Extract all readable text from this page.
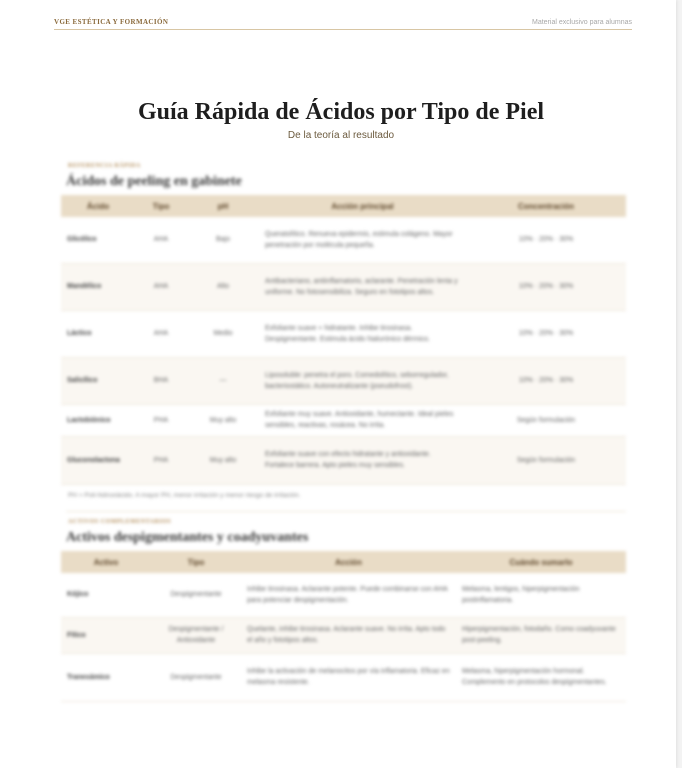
VGE ESTÉTICA Y FORMACIÓN	Material exclusivo para alumnas
Guía Rápida de Ácidos por Tipo de Piel
De la teoría al resultado
REFERENCIA RÁPIDA
Ácidos de peeling en gabinete
Ácido	Tipo	pH	Acción principal	Concentración
Glicólico	AHA	Bajo	Queratolítico. Renueva epidermis, estimula colágeno. Mayor penetración por molécula pequeña.	10% · 20% · 30%
Mandélico	AHA	Alto	Antibacteriano, antiinflamatorio, aclarante. Penetración lenta y uniforme. No fotosensibiliza. Seguro en fototipos altos.	10% · 20% · 30%
Láctico	AHA	Medio	Exfoliante suave + hidratante. Inhibe tirosinasa. Despigmentante. Estimula ácido hialurónico dérmico.	10% · 20% · 30%
Salicílico	BHA	—	Liposoluble: penetra el poro. Comedolítico, seborregulador, bacteriostático. Autoneutralizante (pseudofrost).	10% · 20% · 30%
Lactobiónico	PHA	Muy alto	Exfoliante muy suave. Antioxidante, humectante. Ideal pieles sensibles, reactivas, rosácea. No irrita.	Según formulación
Gluconolactona	PHA	Muy alto	Exfoliante suave con efecto hidratante y antioxidante. Fortalece barrera. Apto pieles muy sensibles.	Según formulación
PH = Poli-hidroxiácido. A mayor PH, menor irritación y menor riesgo de irritación.
ACTIVOS COMPLEMENTARIOS
Activos despigmentantes y coadyuvantes
Activo	Tipo	Acción	Cuándo sumarlo
Kójico	Despigmentante	Inhibe tirosinasa. Aclarante potente. Puede combinarse con AHA para potenciar despigmentación.	Melasma, lentigos, hiperpigmentación postinflamatoria.
Fítico	Despigmentante / Antioxidante	Quelante, inhibe tirosinasa. Aclarante suave. No irrita. Apto todo el año y fototipos altos.	Hiperpigmentación, fotodaño. Como coadyuvante post-peeling.
Tranexámico	Despigmentante	Inhibe la activación de melanocitos por vía inflamatoria. Eficaz en melasma resistente.	Melasma, hiperpigmentación hormonal. Complemento en protocolos despigmentantes.
